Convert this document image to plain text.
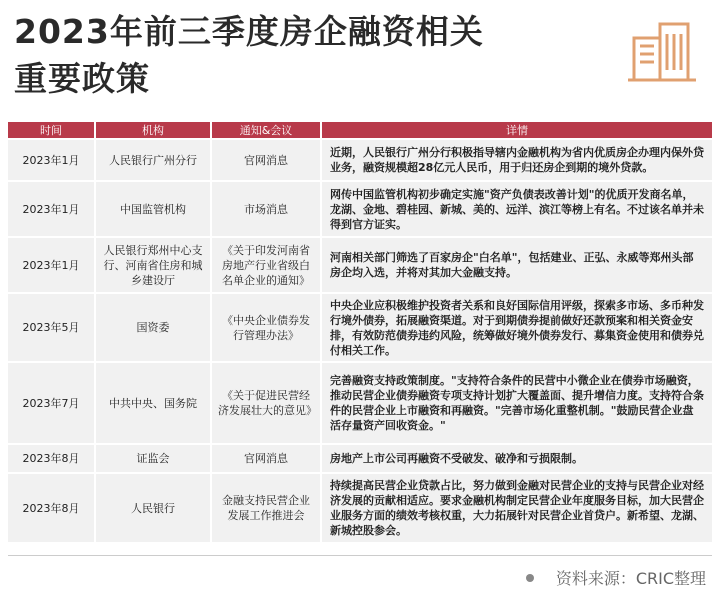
2023年前三季度房企融资相关
重要政策
时间	机构	通知&会议	详情
2023年1月	人民银行广州分行	官网消息	近期，人民银行广州分行积极指导辖内金融机构为省内优质房企办理内保外贷业务，融资规模超28亿元人民币，用于归还房企到期的境外贷款。
2023年1月	中国监管机构	市场消息	网传中国监管机构初步确定实施"资产负债表改善计划"的优质开发商名单，龙湖、金地、碧桂园、新城、美的、远洋、滨江等榜上有名。不过该名单并未得到官方证实。
2023年1月	人民银行郑州中心支行、河南省住房和城乡建设厅	《关于印发河南省房地产行业省级白名单企业的通知》	河南相关部门筛选了百家房企"白名单"，包括建业、正弘、永威等郑州头部房企均入选，并将对其加大金融支持。
2023年5月	国资委	《中央企业债券发行管理办法》	中央企业应积极维护投资者关系和良好国际信用评级，探索多市场、多币种发行境外债券，拓展融资渠道。对于到期债券提前做好还款预案和相关资金安排，有效防范债券违约风险，统筹做好境外债券发行、募集资金使用和债券兑付相关工作。
2023年7月	中共中央、国务院	《关于促进民营经济发展壮大的意见》	完善融资支持政策制度。"支持符合条件的民营中小微企业在债券市场融资，推动民营企业债券融资专项支持计划扩大覆盖面、提升增信力度。支持符合条件的民营企业上市融资和再融资。"完善市场化重整机制。"鼓励民营企业盘活存量资产回收资金。"
2023年8月	证监会	官网消息	房地产上市公司再融资不受破发、破净和亏损限制。
2023年8月	人民银行	金融支持民营企业发展工作推进会	持续提高民营企业贷款占比，努力做到金融对民营企业的支持与民营企业对经济发展的贡献相适应。要求金融机构制定民营企业年度服务目标，加大民营企业服务方面的绩效考核权重，大力拓展针对民营企业首贷户。新希望、龙湖、新城控股参会。
资料来源：CRIC整理
